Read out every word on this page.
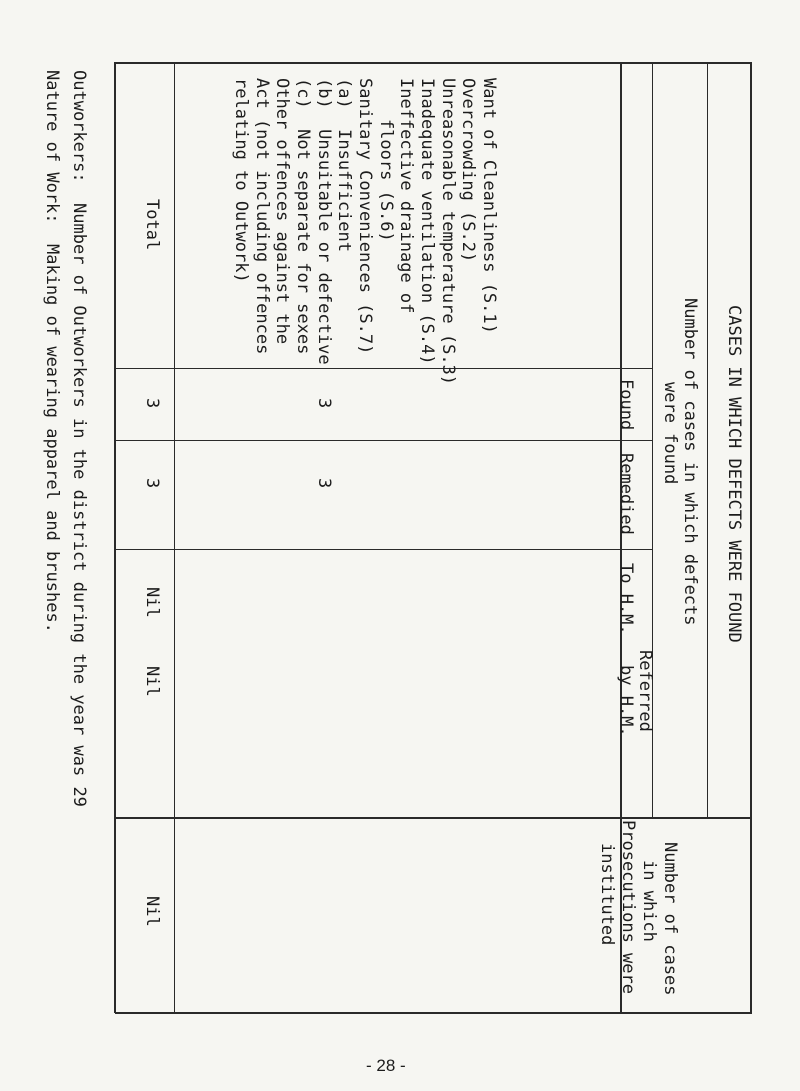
CASES IN WHICH DEFECTS WERE FOUND
Number of cases in which defects
were found
Found
Remedied
Referred
To H.M.
by H.M.
Number of cases
in which
Prosecutions were
instituted
Want of Cleanliness (S.1)
Overcrowding (S.2)
Unreasonable temperature (S.3)
Inadequate ventilation (S.4)
Ineffective drainage of
floors (S.6)
Sanitary Conveniences (S.7)
(a)  Insufficient
(b)  Unsuitable or defective
(c)  Not separate for sexes
Other offences against the
Act (not including offences
relating to Outwork)
3
3
Total
3
3
Nil
Nil
Nil
Outworkers:  Number of Outworkers in the district during the year was 29
Nature of Work:  Making of wearing apparel and brushes.
- 28 -
